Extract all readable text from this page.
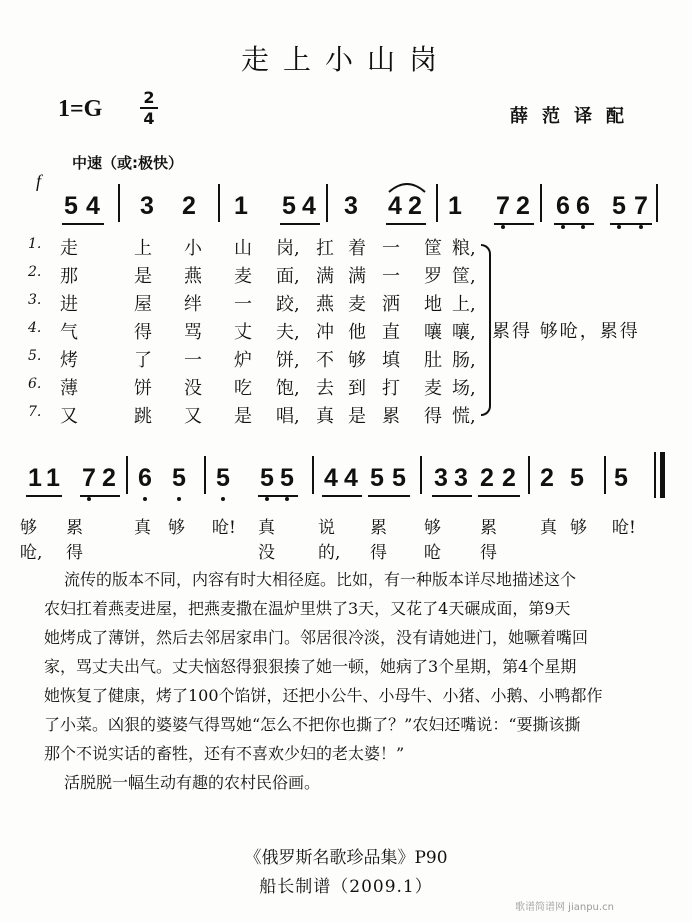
走上小山岗
$1=G \frac{2}{4}$	薛范译配
中速（或:极快）
f
5 4 3 2 1 5 4 3 4 2 1 7 2 6 6 5 7
1. 走	上 小 山 岗, 扛 着 一 筐 粮,
2. 那	是 燕 麦 面, 满 满 一 罗 筐,
3. 进	屋 绊 一 跤, 燕 麦 洒 地 上,
4. 气	得 骂 丈 夫, 冲 他 直 嚷 嚷,
5. 烤	了 一 炉 饼, 不 够 填 肚 肠,
6. 薄	饼 没 吃 饱, 去 到 打 麦 场,
7. 又	跳 又 是 唱, 真 是 累 得 慌,
累得 够呛，累得
1 1 7 2 6 5 5 5 5 4 4 5 5 3 3 2 2 2 5 5
够呛,
累得
真 够 呛! 真没
说的,
累得
够呛
累得
真 够 呛!
流传的版本不同，内容有时大相径庭。比如，有一种版本详尽地描述这个
农妇扛着燕麦进屋，把燕麦撒在温炉里烘了3天，又花了4天碾成面，第9天
她烤成了薄饼，然后去邻居家串门。邻居很冷淡，没有请她进门，她噘着嘴回
家，骂丈夫出气。丈夫恼怒得狠狠揍了她一顿，她病了3个星期，第4个星期
她恢复了健康，烤了100个馅饼，还把小公牛、小母牛、小猪、小鹅、小鸭都作
了小菜。凶狠的婆婆气得骂她“怎么不把你也撕了？”农妇还嘴说：“要撕该撕
那个不说实话的畜牲，还有不喜欢少妇的老太婆！”
活脱脱一幅生动有趣的农村民俗画。
《俄罗斯名歌珍品集》P90
船长制谱（2009.1）
歌谱简谱网 jianpu.cn
